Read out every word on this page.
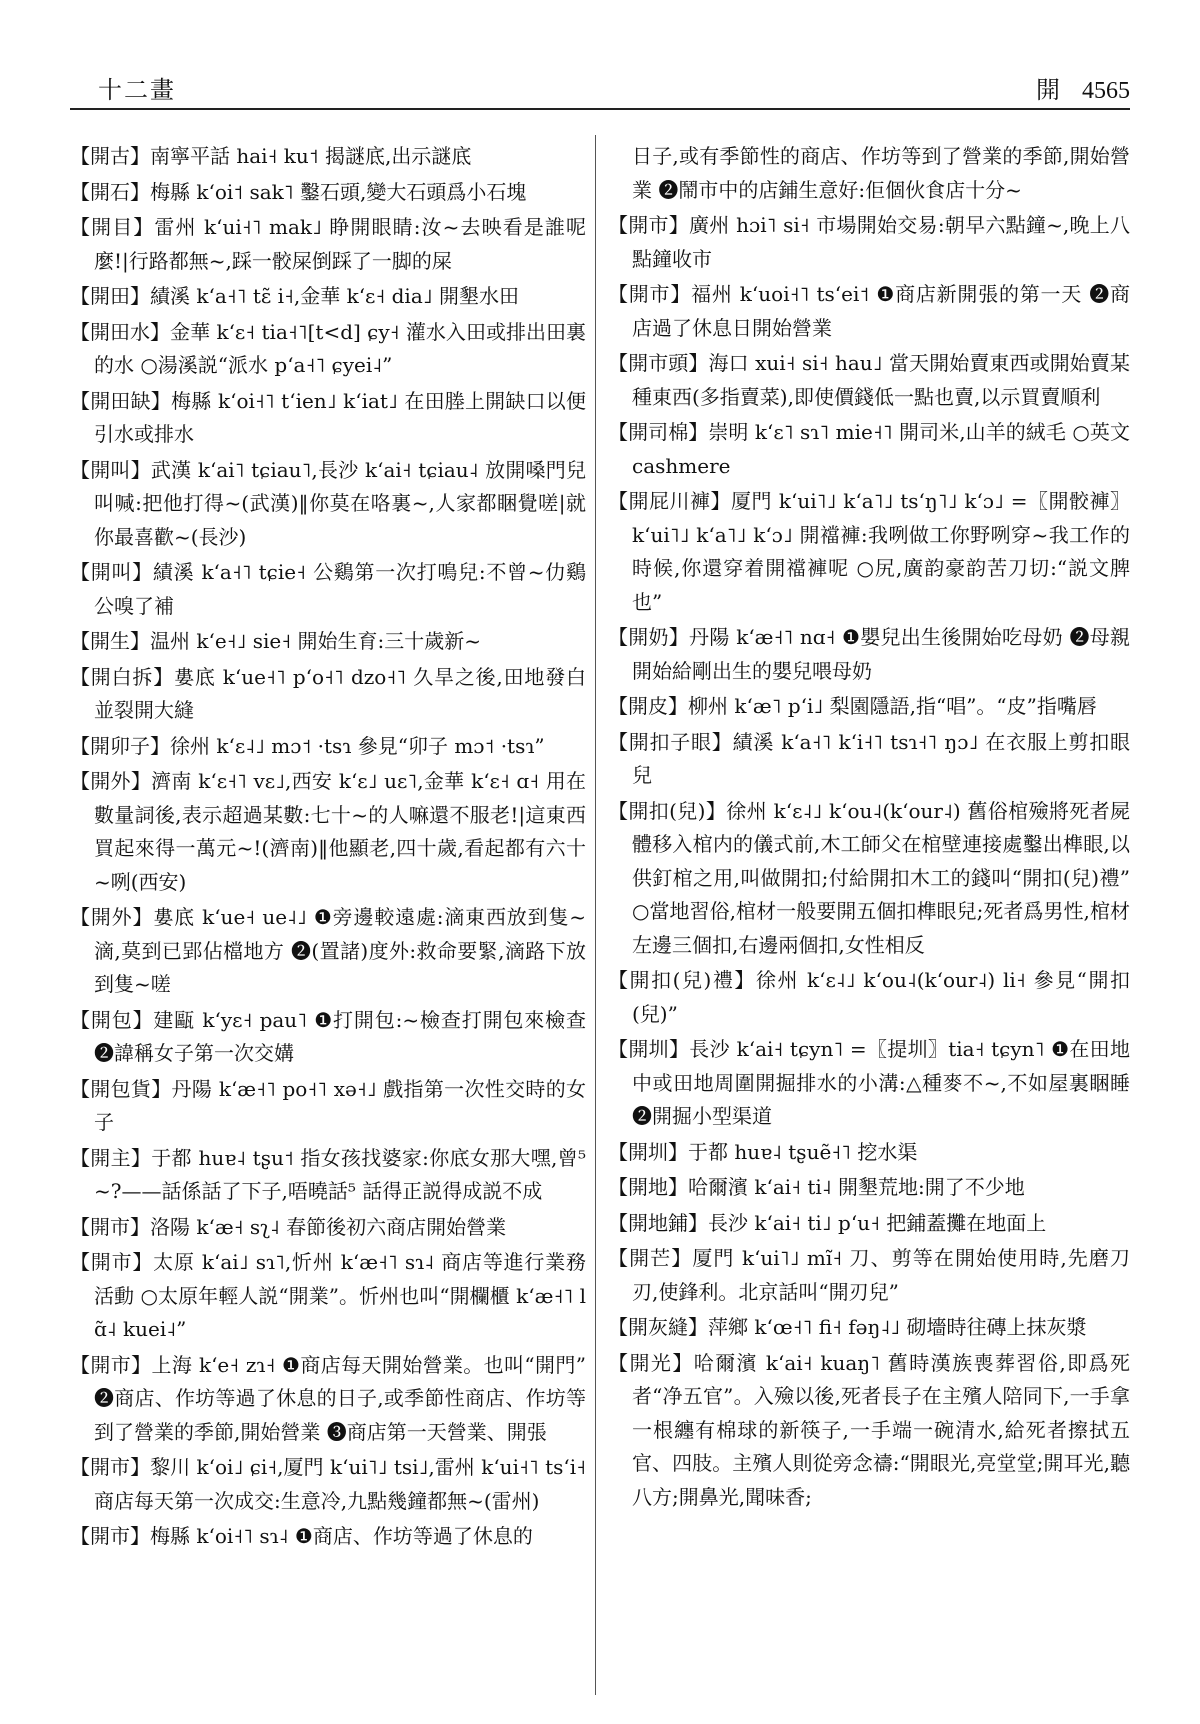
十二畫	開 4565

【開古】南寧平話 hai˧ ku˦ 揭謎底,出示謎底

【開石】梅縣 kʻoi˦ sak˥ 鑿石頭,變大石頭爲小石塊

【開目】雷州 kʻui˧˥ mak˩ 睁開眼睛:汝~去映看是誰呢麼!|行路都無~,踩一骹屎倒踩了一脚的屎

【開田】績溪 kʻa˧˥ tɛ̃ i˧,金華 kʻɛ˧ dia˩ 開墾水田

【開田水】金華 kʻɛ˧ tia˧˥[t<d] ɕy˧ 灌水入田或排出田裏的水 ○湯溪説“派水 pʻa˧˥ ɕyei˨”

【開田缺】梅縣 kʻoi˧˥ tʻien˩ kʻiat˩ 在田塍上開缺口以便引水或排水

【開叫】武漢 kʻai˥ tɕiau˥,長沙 kʻai˧ tɕiau˨ 放開嗓門兒叫喊:把他打得~(武漢)‖你莫在咯裏~,人家都睏覺嗟|就你最喜歡~(長沙)

【開叫】績溪 kʻa˧˥ tɕie˧ 公鷄第一次打鳴兒:不曾~仂鷄公嗅了補

【開生】温州 kʻe˧˩ sie˧ 開始生育:三十歲新~

【開白拆】婁底 kʻue˧˥ pʻo˧˥ dzo˧˥ 久旱之後,田地發白並裂開大縫

【開卯子】徐州 kʻɛ˨˩ mɔ˦ ·tsɿ 參見“卯子 mɔ˦ ·tsɿ”

【開外】濟南 kʻɛ˧˥ vɛ˩,西安 kʻɛ˩ uɛ˥,金華 kʻɛ˧ ɑ˧ 用在數量詞後,表示超過某數:七十~的人嘛還不服老!|這東西買起來得一萬元~!(濟南)‖他顯老,四十歲,看起都有六十~咧(西安)

【開外】婁底 kʻue˧ ue˨˩ ❶旁邊較遠處:滴東西放到隻~滴,莫到已郢佔檔地方 ❷(置諸)度外:救命要緊,滴路下放到隻~嗟

【開包】建甌 kʻyɛ˧ pau˥ ❶打開包:~檢查打開包來檢查 ❷諱稱女子第一次交媾

【開包貨】丹陽 kʻæ˧˥ po˧˥ xə˧˩ 戲指第一次性交時的女子

【開主】于都 huɐ˨ tʂu˦ 指女孩找婆家:你底女那大嘿,曾⁵~?——話係話了下子,唔曉話⁵ 話得正説得成説不成

【開市】洛陽 kʻæ˧ sʅ˨ 春節後初六商店開始營業

【開市】太原 kʻai˩ sɿ˥,忻州 kʻæ˧˥ sɿ˨ 商店等進行業務活動 ○太原年輕人説“開業”。忻州也叫“開欄櫃 kʻæ˧˥ lɑ̃˨ kuei˨”

【開市】上海 kʻe˧ zɿ˧ ❶商店每天開始營業。也叫“開門” ❷商店、作坊等過了休息的日子,或季節性商店、作坊等到了營業的季節,開始營業 ❸商店第一天營業、開張

【開市】黎川 kʻoi˩ ɕi˧,厦門 kʻui˥˩ tsi˩,雷州 kʻui˧˥ tsʻi˧ 商店每天第一次成交:生意冷,九點幾鐘都無~(雷州)

【開市】梅縣 kʻoi˧˥ sɿ˨ ❶商店、作坊等過了休息的

日子,或有季節性的商店、作坊等到了營業的季節,開始營業 ❷鬧市中的店鋪生意好:佢個伙食店十分~

【開市】廣州 hɔi˥ si˧ 市場開始交易:朝早六點鐘~,晚上八點鐘收市

【開市】福州 kʻuoi˧˥ tsʻei˦ ❶商店新開張的第一天 ❷商店過了休息日開始營業

【開市頭】海口 xui˧ si˧ hau˩ 當天開始賣東西或開始賣某種東西(多指賣菜),即使價錢低一點也賣,以示買賣順利

【開司棉】崇明 kʻɛ˥ sɿ˥ mie˧˥ 開司米,山羊的絨毛 ○英文 cashmere

【開屁川褲】厦門 kʻui˥˩ kʻa˥˩ tsʻŋ˥˩ kʻɔ˩ =〖開骹褲〗kʻui˥˩ kʻa˥˩ kʻɔ˩ 開襠褲:我咧做工你野咧穿~我工作的時候,你還穿着開襠褲呢 ○尻,廣韵豪韵苦刀切:“説文脾也”

【開奶】丹陽 kʻæ˧˥ nɑ˧ ❶嬰兒出生後開始吃母奶 ❷母親開始給剛出生的嬰兒喂母奶

【開皮】柳州 kʻæ˥ pʻi˩ 梨園隱語,指“唱”。“皮”指嘴唇

【開扣子眼】績溪 kʻa˧˥ kʻi˧˥ tsɿ˧˥ ŋɔ˩ 在衣服上剪扣眼兒

【開扣(兒)】徐州 kʻɛ˨˩ kʻou˨(kʻour˨) 舊俗棺殮將死者屍體移入棺内的儀式前,木工師父在棺壁連接處鑿出榫眼,以供釘棺之用,叫做開扣;付給開扣木工的錢叫“開扣(兒)禮” ○當地習俗,棺材一般要開五個扣榫眼兒;死者爲男性,棺材左邊三個扣,右邊兩個扣,女性相反

【開扣(兒)禮】徐州 kʻɛ˨˩ kʻou˨(kʻour˨) li˧ 參見“開扣(兒)”

【開圳】長沙 kʻai˧ tɕyn˥ =〖提圳〗tia˧ tɕyn˥ ❶在田地中或田地周圍開掘排水的小溝:△種麥不~,不如屋裏睏睡 ❷開掘小型渠道

【開圳】于都 huɐ˨ tʂuẽ˧˥ 挖水渠

【開地】哈爾濱 kʻai˧ ti˨ 開墾荒地:開了不少地

【開地鋪】長沙 kʻai˧ ti˩ pʻu˧ 把鋪蓋攤在地面上

【開芒】厦門 kʻui˥˩ mĩ˧ 刀、剪等在開始使用時,先磨刀刃,使鋒利。北京話叫“開刃兒”

【開灰縫】萍鄉 kʻœ˧˥ fi˧ fəŋ˨˩ 砌墻時往磚上抹灰漿

【開光】哈爾濱 kʻai˧ kuaŋ˥ 舊時漢族喪葬習俗,即爲死者“净五官”。入殮以後,死者長子在主殯人陪同下,一手拿一根纏有棉球的新筷子,一手端一碗清水,給死者擦拭五官、四肢。主殯人則從旁念禱:“開眼光,亮堂堂;開耳光,聽八方;開鼻光,聞味香;
